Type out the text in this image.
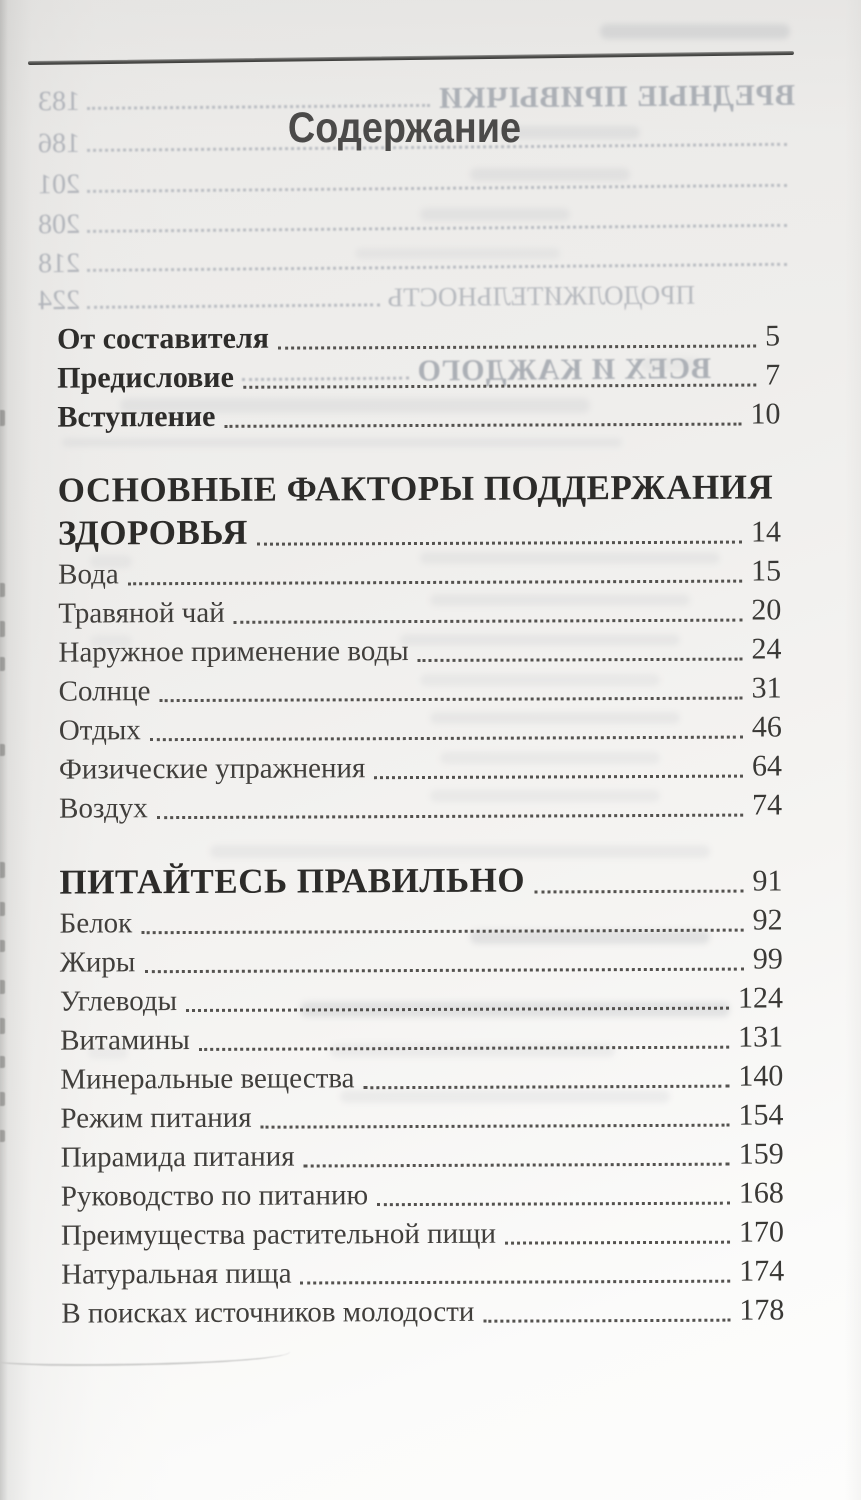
ВРЕДНЫЕ ПРИВЫЧКИ
183
186
201
208
218
ПРОДОЛЖИТЕЛЬНОСТЬ
224
ВСЕХ И КАЖДОГО
Содержание
От составителя	5
Предисловие	7
Вступление	10
ОСНОВНЫЕ ФАКТОРЫ ПОДДЕРЖАНИЯ
ЗДОРОВЬЯ	14
Вода	15
Травяной чай	20
Наружное применение воды	24
Солнце	31
Отдых	46
Физические упражнения	64
Воздух	74
ПИТАЙТЕСЬ ПРАВИЛЬНО	91
Белок	92
Жиры	99
Углеводы	124
Витамины	131
Минеральные вещества	140
Режим питания	154
Пирамида питания	159
Руководство по питанию	168
Преимущества растительной пищи	170
Натуральная пища	174
В поисках источников молодости	178
